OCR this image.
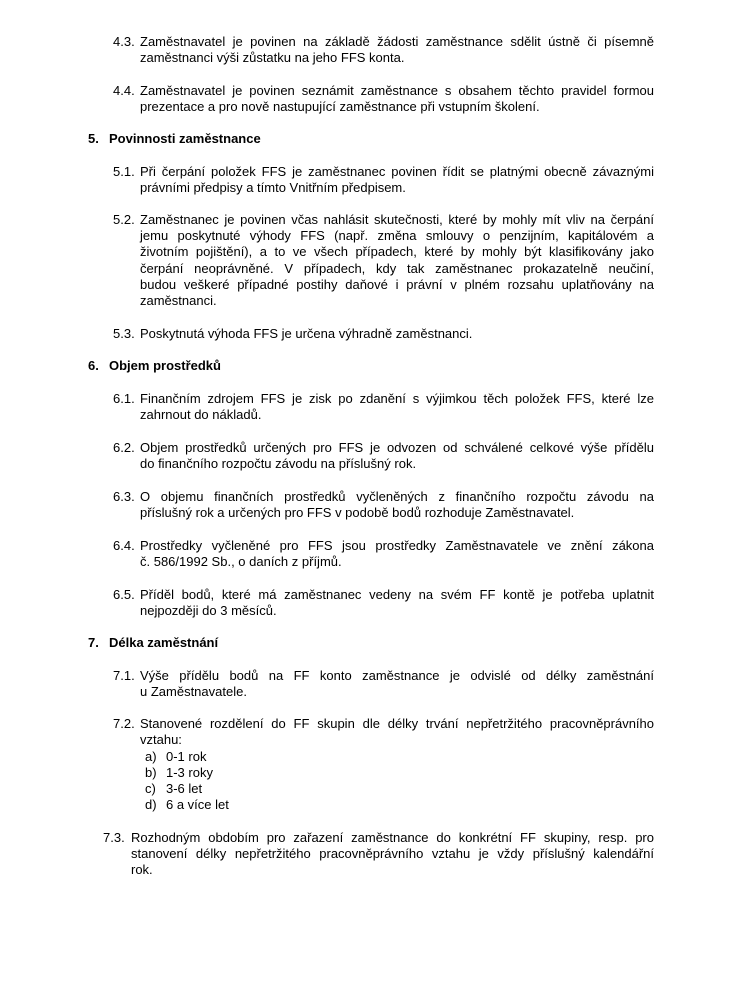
4.3. Zaměstnavatel je povinen na základě žádosti zaměstnance sdělit ústně či písemně
zaměstnanci výši zůstatku na jeho FFS konta.
4.4. Zaměstnavatel je povinen seznámit zaměstnance s obsahem těchto pravidel formou
prezentace a pro nově nastupující zaměstnance při vstupním školení.
5. Povinnosti zaměstnance
5.1. Při čerpání položek FFS je zaměstnanec povinen řídit se platnými obecně závaznými
právními předpisy a tímto Vnitřním předpisem.
5.2. Zaměstnanec je povinen včas nahlásit skutečnosti, které by mohly mít vliv na čerpání
jemu poskytnuté výhody FFS (např. změna smlouvy o penzijním, kapitálovém a
životním pojištění), a to ve všech případech, které by mohly být klasifikovány jako
čerpání neoprávněné. V případech, kdy tak zaměstnanec prokazatelně neučiní,
budou veškeré případné postihy daňové i právní v plném rozsahu uplatňovány na
zaměstnanci.
5.3. Poskytnutá výhoda FFS je určena výhradně zaměstnanci.
6. Objem prostředků
6.1. Finančním zdrojem FFS je zisk po zdanění s výjimkou těch položek FFS, které lze
zahrnout do nákladů.
6.2. Objem prostředků určených pro FFS je odvozen od schválené celkové výše přídělu
do finančního rozpočtu závodu na příslušný rok.
6.3. O objemu finančních prostředků vyčleněných z finančního rozpočtu závodu na
příslušný rok a určených pro FFS v podobě bodů rozhoduje Zaměstnavatel.
6.4. Prostředky vyčleněné pro FFS jsou prostředky Zaměstnavatele ve znění zákona
č. 586/1992 Sb., o daních z příjmů.
6.5. Příděl bodů, které má zaměstnanec vedeny na svém FF kontě je potřeba uplatnit
nejpozději do 3 měsíců.
7. Délka zaměstnání
7.1. Výše přídělu bodů na FF konto zaměstnance je odvislé od délky zaměstnání
u Zaměstnavatele.
7.2. Stanovené rozdělení do FF skupin dle délky trvání nepřetržitého pracovněprávního
vztahu:
a) 0-1 rok
b) 1-3 roky
c) 3-6 let
d) 6 a více let
7.3. Rozhodným obdobím pro zařazení zaměstnance do konkrétní FF skupiny, resp. pro
stanovení délky nepřetržitého pracovněprávního vztahu je vždy příslušný kalendářní
rok.
